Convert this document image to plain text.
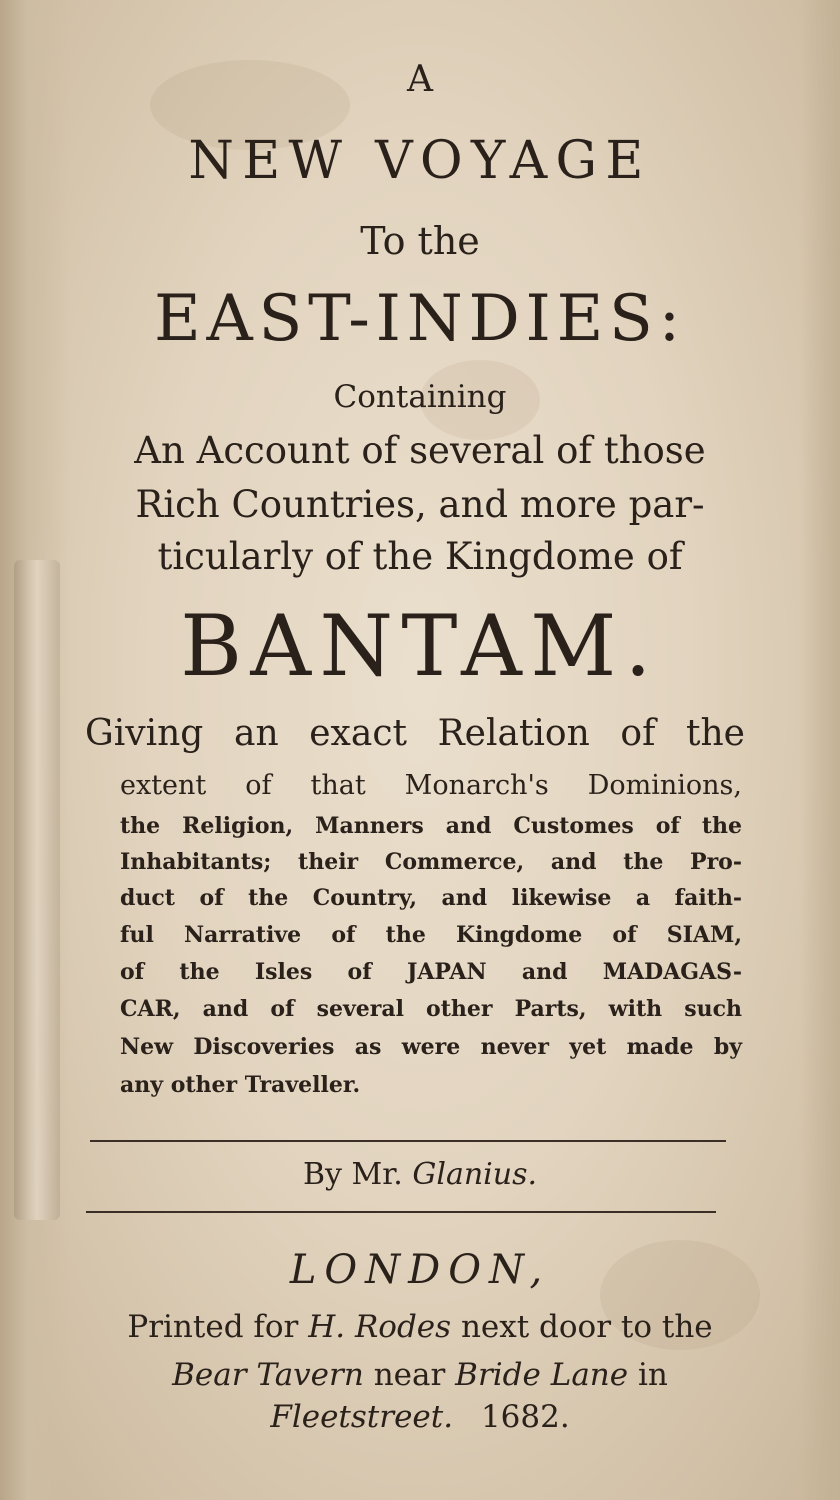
A
NEW VOYAGE
To the
EAST-INDIES:
Containing
An Account of several of those
Rich Countries, and more par-
ticularly of the Kingdome of
BANTAM.
Giving an exact Relation of the
extent of that Monarch's Dominions,
the Religion, Manners and Customes of the
Inhabitants; their Commerce, and the Pro-
duct of the Country, and likewise a faith-
ful Narrative of the Kingdome of SIAM,
of the Isles of JAPAN and MADAGAS-
CAR, and of several other Parts, with such
New Discoveries as were never yet made by
any other Traveller.
By Mr. Glanius.
LONDON,
Printed for H. Rodes next door to the
Bear Tavern near Bride Lane in
Fleetstreet. 1682.
